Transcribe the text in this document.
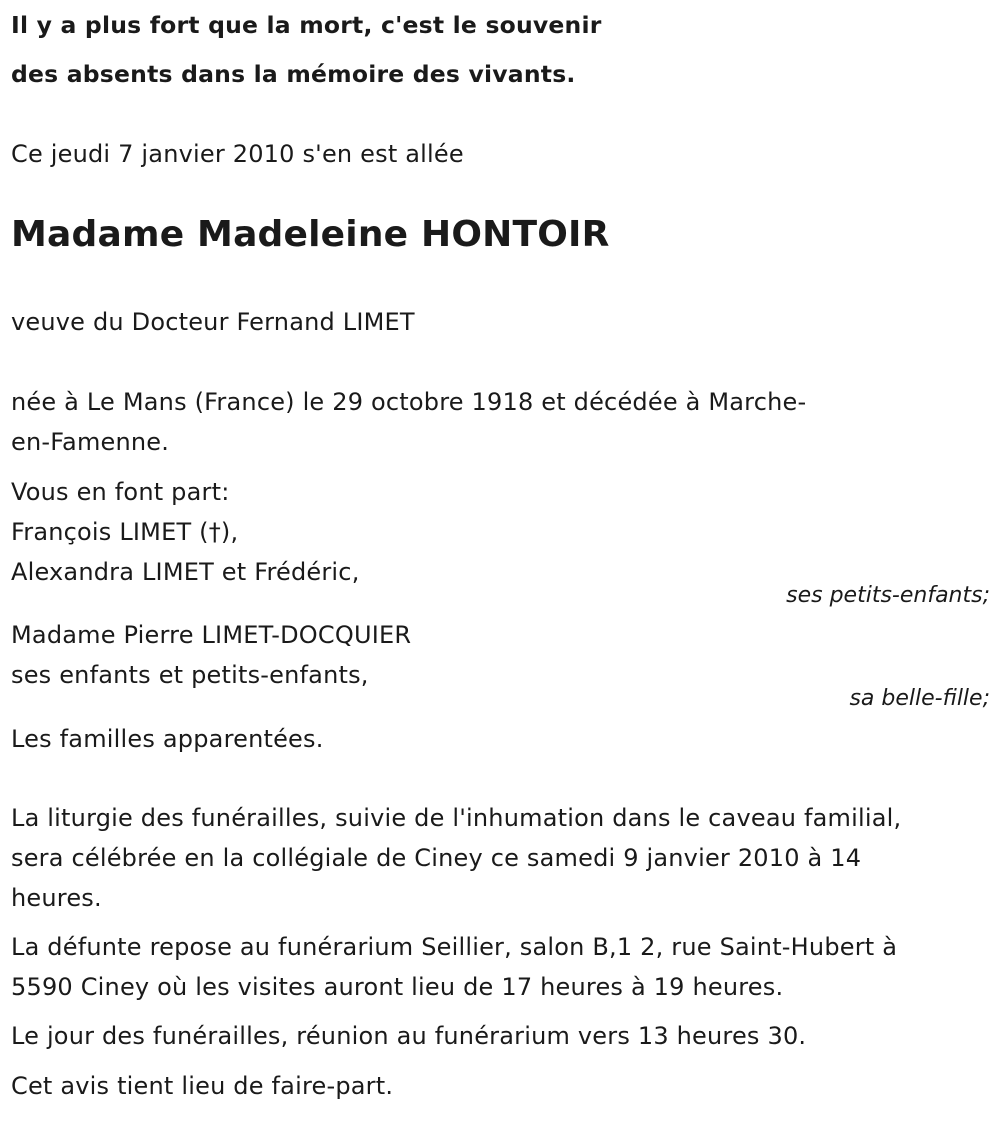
Il y a plus fort que la mort, c'est le souvenir
des absents dans la mémoire des vivants.
Ce jeudi 7 janvier 2010 s'en est allée
Madame Madeleine HONTOIR
veuve du Docteur Fernand LIMET
née à Le Mans (France) le 29 octobre 1918 et décédée à Marche-
en-Famenne.
Vous en font part:
François LIMET (†),
Alexandra LIMET et Frédéric,
ses petits-enfants;
Madame Pierre LIMET-DOCQUIER
ses enfants et petits-enfants,
sa belle-fille;
Les familles apparentées.
La liturgie des funérailles, suivie de l'inhumation dans le caveau familial,
sera célébrée en la collégiale de Ciney ce samedi 9 janvier 2010 à 14
heures.
La défunte repose au funérarium Seillier, salon B,1 2, rue Saint-Hubert à
5590 Ciney où les visites auront lieu de 17 heures à 19 heures.
Le jour des funérailles, réunion au funérarium vers 13 heures 30.
Cet avis tient lieu de faire-part.
